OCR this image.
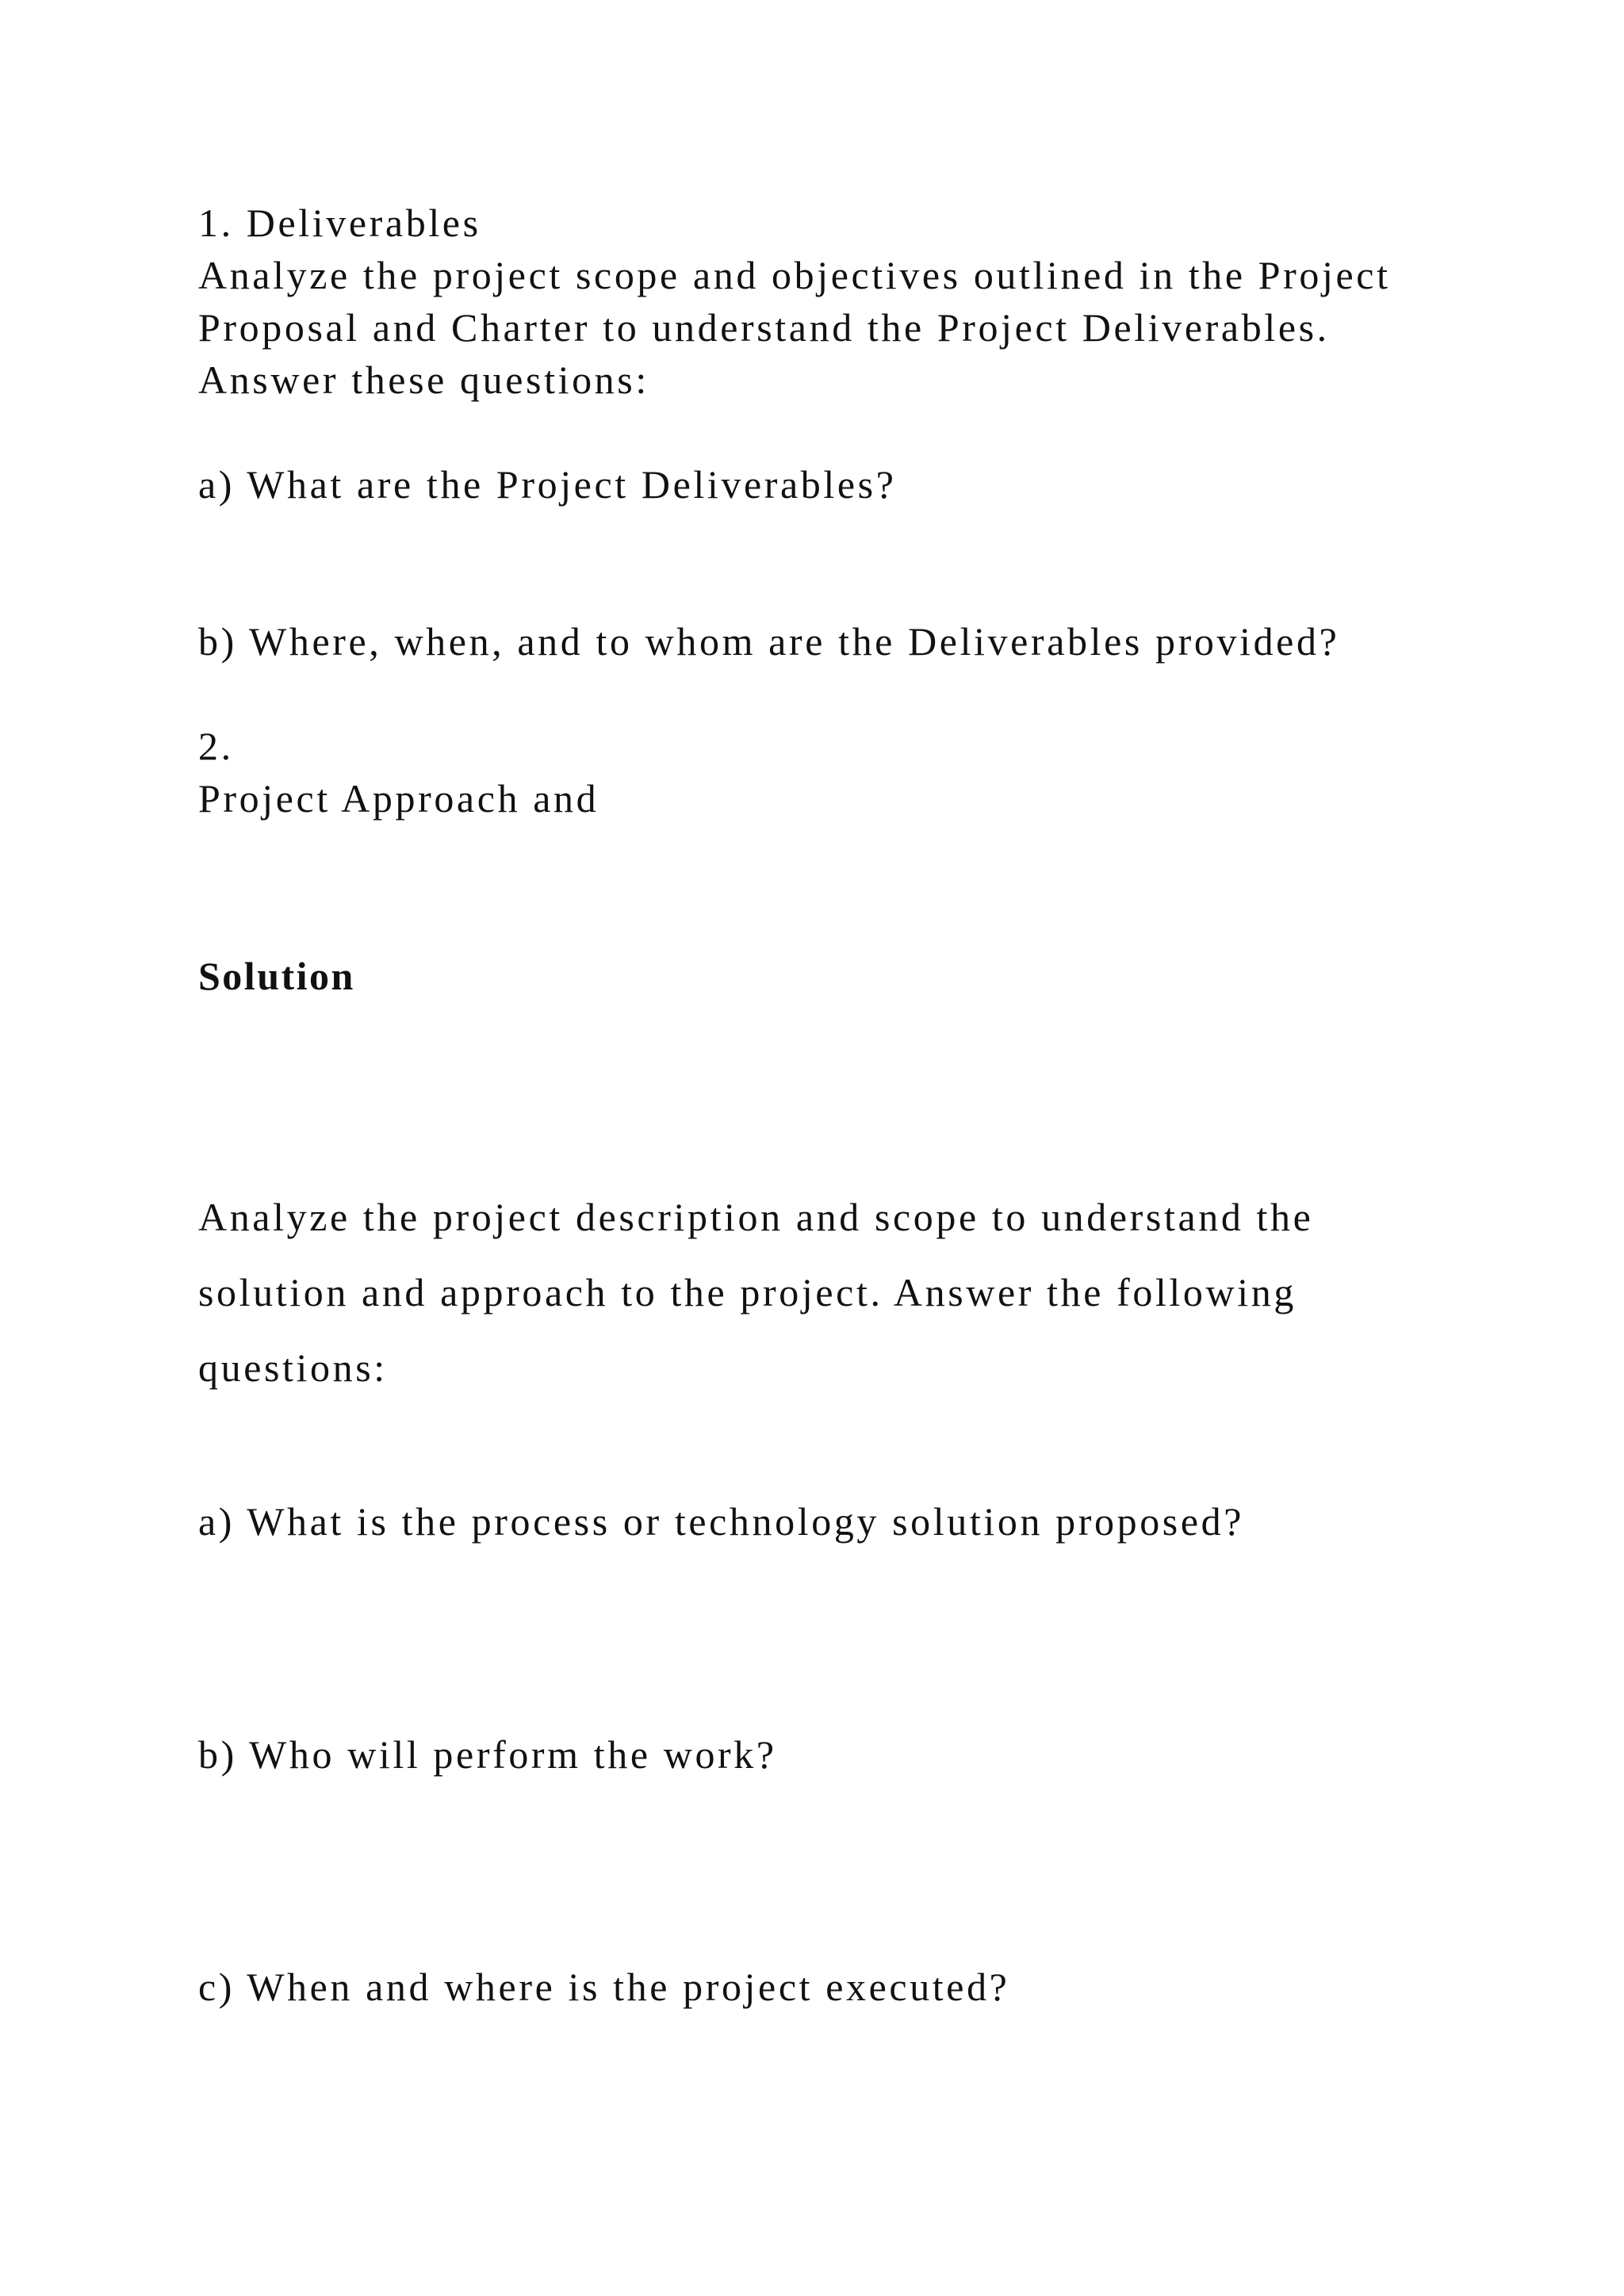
1. Deliverables

Analyze the project scope and objectives outlined in the Project

Proposal and Charter to understand the Project Deliverables.

Answer these questions:

a) What are the Project Deliverables?

b) Where, when, and to whom are the Deliverables provided?

2.

Project Approach and

Solution

Analyze the project description and scope to understand the

solution and approach to the project. Answer the following

questions:

a) What is the process or technology solution proposed?

b) Who will perform the work?

c) When and where is the project executed?
